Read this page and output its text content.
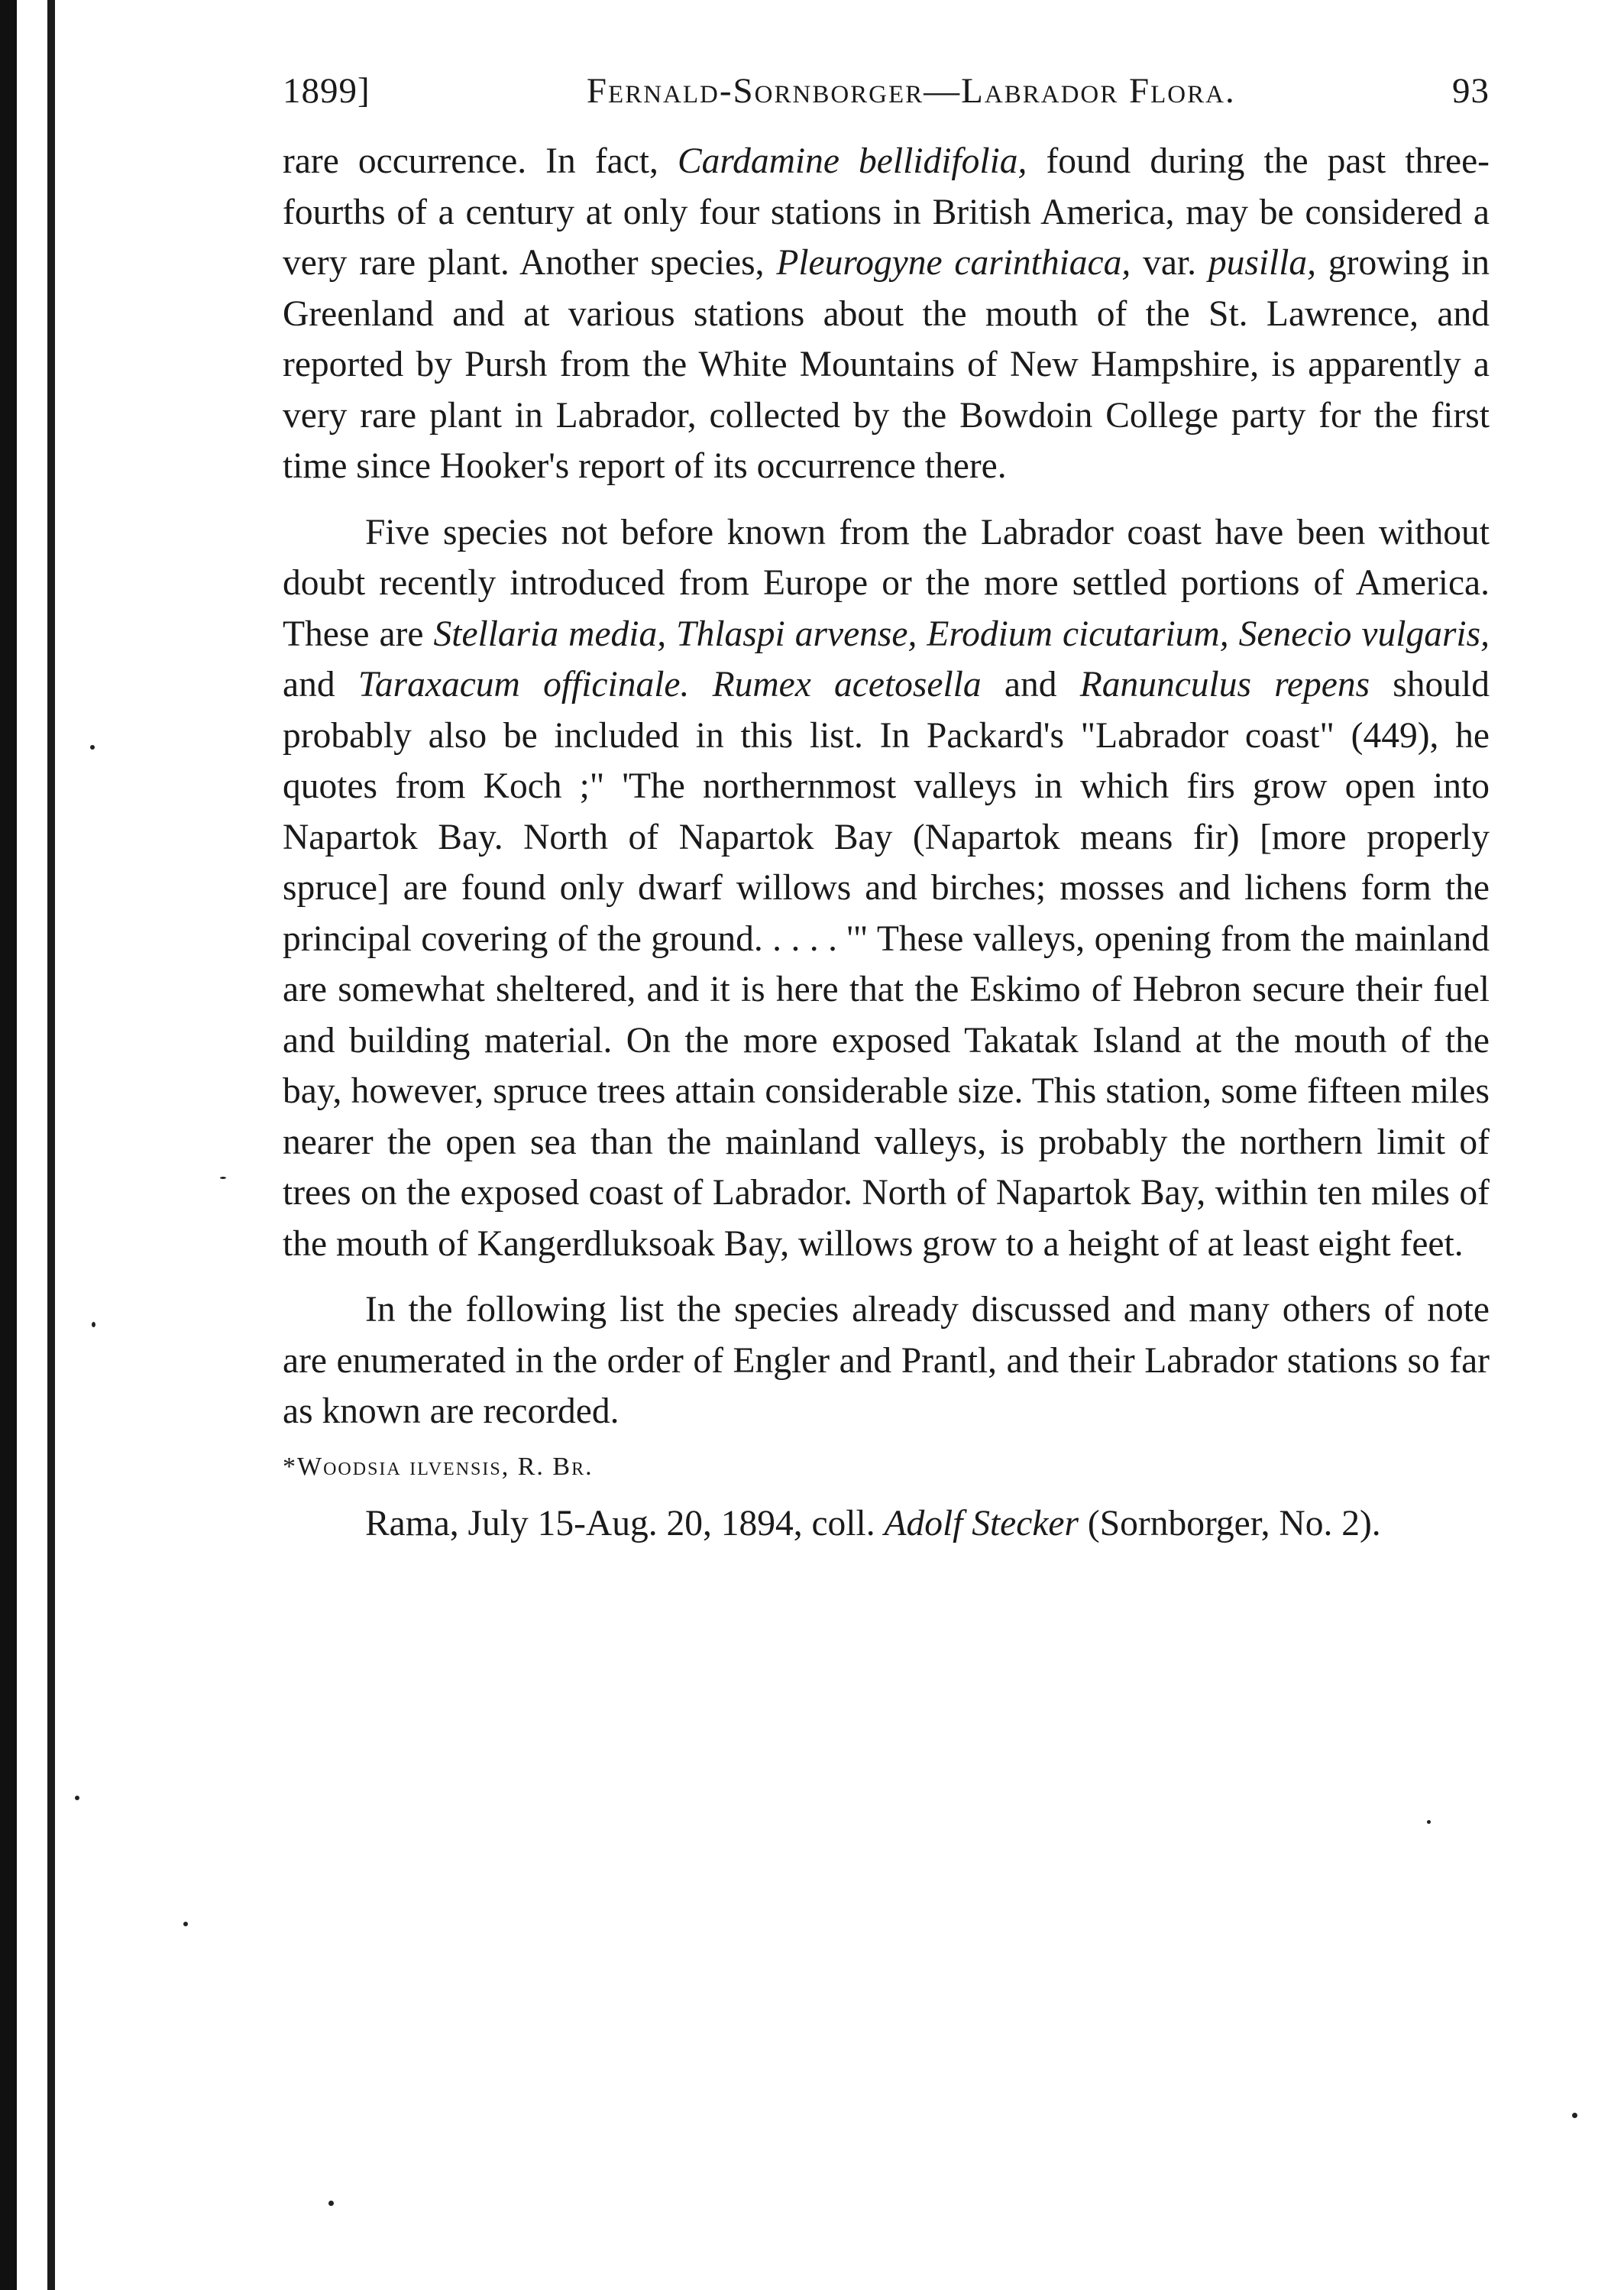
1899]	Fernald-Sornborger—Labrador Flora.	93

rare occurrence. In fact, Cardamine bellidifolia, found during the past three-fourths of a century at only four stations in British America, may be considered a very rare plant. Another species, Pleurogyne carinthiaca, var. pusilla, growing in Greenland and at various stations about the mouth of the St. Lawrence, and reported by Pursh from the White Mountains of New Hampshire, is apparently a very rare plant in Labrador, collected by the Bowdoin College party for the first time since Hooker's report of its occurrence there.

Five species not before known from the Labrador coast have been without doubt recently introduced from Europe or the more settled portions of America. These are Stellaria media, Thlaspi arvense, Erodium cicutarium, Senecio vulgaris, and Taraxacum officinale. Rumex acetosella and Ranunculus repens should probably also be included in this list. In Packard's "Labrador coast" (449), he quotes from Koch ;" 'The northernmost valleys in which firs grow open into Napartok Bay. North of Napartok Bay (Napartok means fir) [more properly spruce] are found only dwarf willows and birches; mosses and lichens form the principal covering of the ground. . . . . '" These valleys, opening from the mainland are somewhat sheltered, and it is here that the Eskimo of Hebron secure their fuel and building material. On the more exposed Takatak Island at the mouth of the bay, however, spruce trees attain considerable size. This station, some fifteen miles nearer the open sea than the mainland valleys, is probably the northern limit of trees on the exposed coast of Labrador. North of Napartok Bay, within ten miles of the mouth of Kangerdluksoak Bay, willows grow to a height of at least eight feet.

In the following list the species already discussed and many others of note are enumerated in the order of Engler and Prantl, and their Labrador stations so far as known are recorded.

*Woodsia ilvensis, R. Br.

Rama, July 15-Aug. 20, 1894, coll. Adolf Stecker (Sornborger, No. 2).
